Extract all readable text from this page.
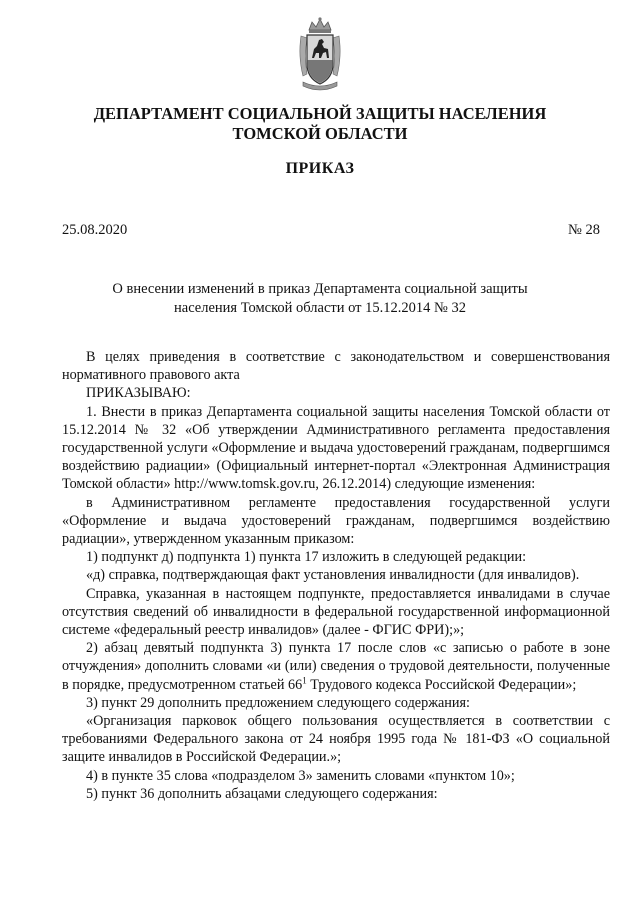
ДЕПАРТАМЕНТ СОЦИАЛЬНОЙ ЗАЩИТЫ НАСЕЛЕНИЯ
ТОМСКОЙ ОБЛАСТИ
ПРИКАЗ
25.08.2020	№ 28
О внесении изменений в приказ Департамента социальной защиты
населения Томской области от 15.12.2014 № 32

В целях приведения в соответствие с законодательством и совершенствования нормативного правового акта

ПРИКАЗЫВАЮ:

1. Внести в приказ Департамента социальной защиты населения Томской области от 15.12.2014 № 32 «Об утверждении Административного регламента предоставления государственной услуги «Оформление и выдача удостоверений гражданам, подвергшимся воздействию радиации» (Официальный интернет-портал «Электронная Администрация Томской области» http://www.tomsk.gov.ru, 26.12.2014) следующие изменения:

в Административном регламенте предоставления государственной услуги «Оформление и выдача удостоверений гражданам, подвергшимся воздействию радиации», утвержденном указанным приказом:

1) подпункт д) подпункта 1) пункта 17 изложить в следующей редакции:

«д) справка, подтверждающая факт установления инвалидности (для инвалидов).

Справка, указанная в настоящем подпункте, предоставляется инвалидами в случае отсутствия сведений об инвалидности в федеральной государственной информационной системе «федеральный реестр инвалидов» (далее - ФГИС ФРИ);»;

2) абзац девятый подпункта 3) пункта 17 после слов «с записью о работе в зоне отчуждения» дополнить словами «и (или) сведения о трудовой деятельности, полученные в порядке, предусмотренном статьей $66^1$ Трудового кодекса Российской Федерации»;

3) пункт 29 дополнить предложением следующего содержания:

«Организация парковок общего пользования осуществляется в соответствии с требованиями Федерального закона от 24 ноября 1995 года № 181-ФЗ «О социальной защите инвалидов в Российской Федерации.»;

4) в пункте 35 слова «подразделом 3» заменить словами «пунктом 10»;

5) пункт 36 дополнить абзацами следующего содержания:
